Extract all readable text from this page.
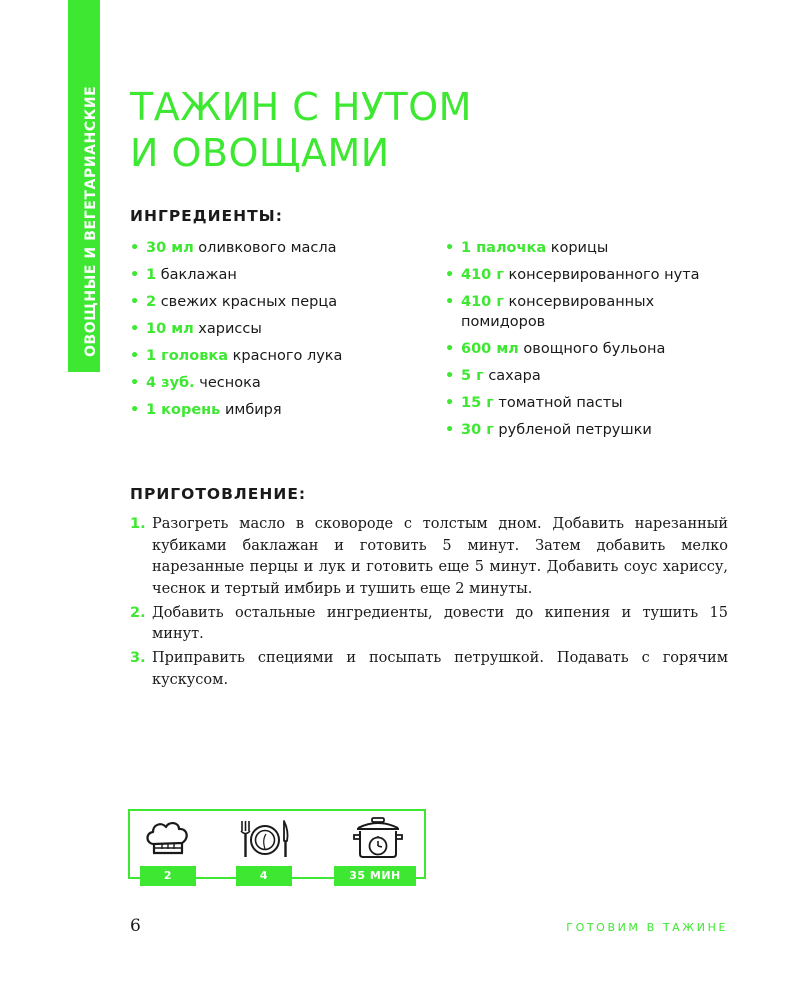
ОВОЩНЫЕ И ВЕГЕТАРИАНСКИЕ ТАЖИН С НУТОМ
И ОВОЩАМИ
ИНГРЕДИЕНТЫ:
• 30 мл оливкового масла
• 1 баклажан
• 2 свежих красных перца
• 10 мл хариссы
• 1 головка красного лука
• 4 зуб. чеснока
• 1 корень имбиря
• 1 палочка корицы
• 410 г консервированного нута
• 410 г консервированных помидоров
• 600 мл овощного бульона
• 5 г сахара
• 15 г томатной пасты
• 30 г рубленой петрушки
ПРИГОТОВЛЕНИЕ:
1. Разогреть масло в сковороде с толстым дном. Добавить нарезанный кубиками баклажан и готовить 5 минут. Затем добавить мелко нарезанные перцы и лук и готовить еще 5 минут. Добавить соус хариссу, чеснок и тертый имбирь и тушить еще 2 минуты.
2. Добавить остальные ингредиенты, довести до кипения и тушить 15 минут.
3. Приправить специями и посыпать петрушкой. Подавать с горячим кускусом.
2	4	35 МИН
6	ГОТОВИМ В ТАЖИНЕ
